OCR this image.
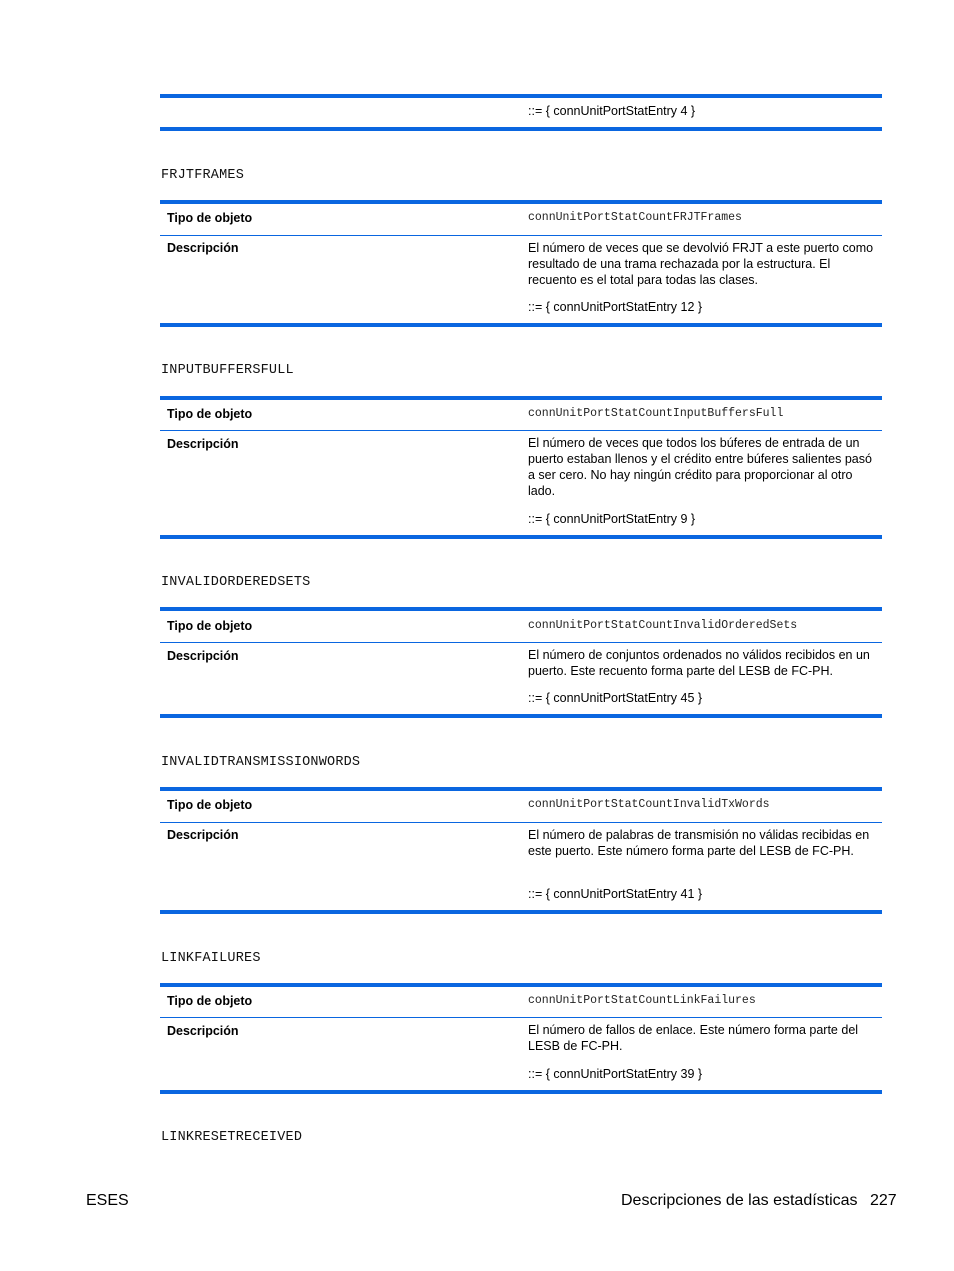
::= { connUnitPortStatEntry 4 }
FRJTFRAMES
Tipo de objeto	connUnitPortStatCountFRJTFrames
Descripción	El número de veces que se devolvió FRJT a este puerto como resultado de una trama rechazada por la estructura. El recuento es el total para todas las clases.
::= { connUnitPortStatEntry 12 }
INPUTBUFFERSFULL
Tipo de objeto	connUnitPortStatCountInputBuffersFull
Descripción	El número de veces que todos los búferes de entrada de un puerto estaban llenos y el crédito entre búferes salientes pasó a ser cero. No hay ningún crédito para proporcionar al otro lado.
::= { connUnitPortStatEntry 9 }
INVALIDORDEREDSETS
Tipo de objeto	connUnitPortStatCountInvalidOrderedSets
Descripción	El número de conjuntos ordenados no válidos recibidos en un puerto. Este recuento forma parte del LESB de FC-PH.
::= { connUnitPortStatEntry 45 }
INVALIDTRANSMISSIONWORDS
Tipo de objeto	connUnitPortStatCountInvalidTxWords
Descripción	El número de palabras de transmisión no válidas recibidas en este puerto. Este número forma parte del LESB de FC-PH.
::= { connUnitPortStatEntry 41 }
LINKFAILURES
Tipo de objeto	connUnitPortStatCountLinkFailures
Descripción	El número de fallos de enlace. Este número forma parte del LESB de FC-PH.
::= { connUnitPortStatEntry 39 }
LINKRESETRECEIVED
ESES	Descripciones de las estadísticas 227
